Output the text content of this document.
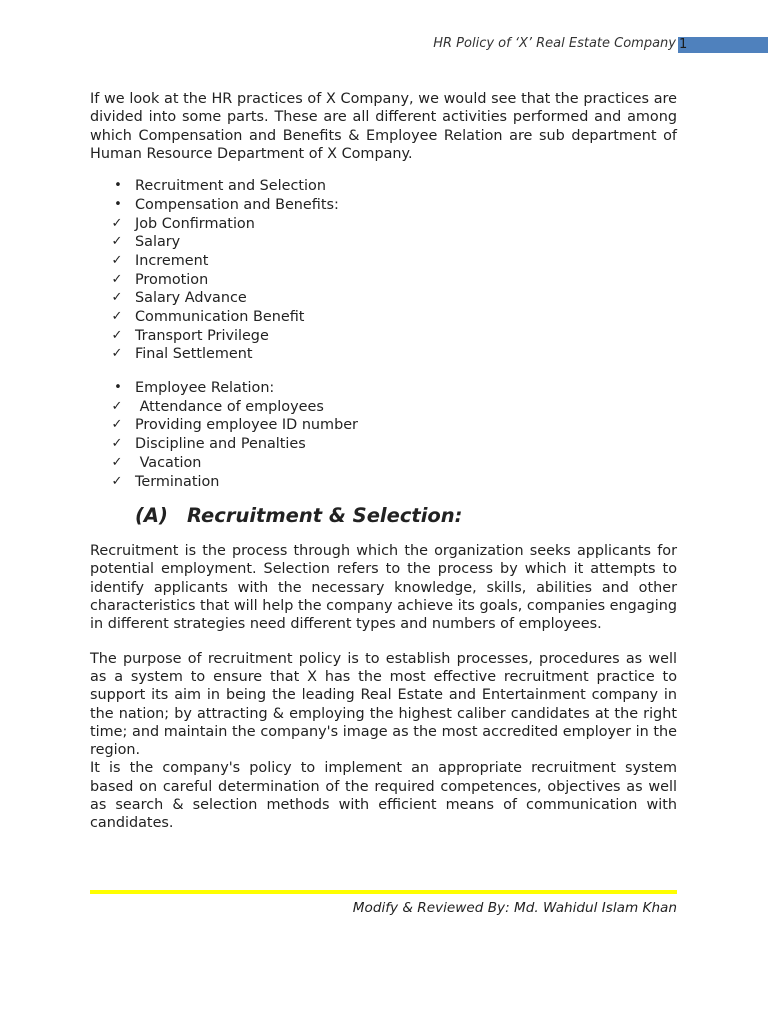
HR Policy of ‘X’ Real Estate Company 1

If we look at the HR practices of X Company, we would see that the practices are divided into some parts. These are all different activities performed and among which Compensation and Benefits & Employee Relation are sub department of Human Resource Department of X Company.

• Recruitment and Selection
• Compensation and Benefits:
✓ Job Confirmation
✓ Salary
✓ Increment
✓ Promotion
✓ Salary Advance
✓ Communication Benefit
✓ Transport Privilege
✓ Final Settlement
• Employee Relation:
✓ Attendance of employees
✓ Providing employee ID number
✓ Discipline and Penalties
✓ Vacation
✓ Termination
(A) Recruitment & Selection:

Recruitment is the process through which the organization seeks applicants for potential employment. Selection refers to the process by which it attempts to identify applicants with the necessary knowledge, skills, abilities and other characteristics that will help the company achieve its goals, companies engaging in different strategies need different types and numbers of employees.

The purpose of recruitment policy is to establish processes, procedures as well as a system to ensure that X has the most effective recruitment practice to support its aim in being the leading Real Estate and Entertainment company in the nation; by attracting & employing the highest caliber candidates at the right time; and maintain the company's image as the most accredited employer in the region.

It is the company's policy to implement an appropriate recruitment system based on careful determination of the required competences, objectives as well as search & selection methods with efficient means of communication with candidates.

Modify & Reviewed By: Md. Wahidul Islam Khan
